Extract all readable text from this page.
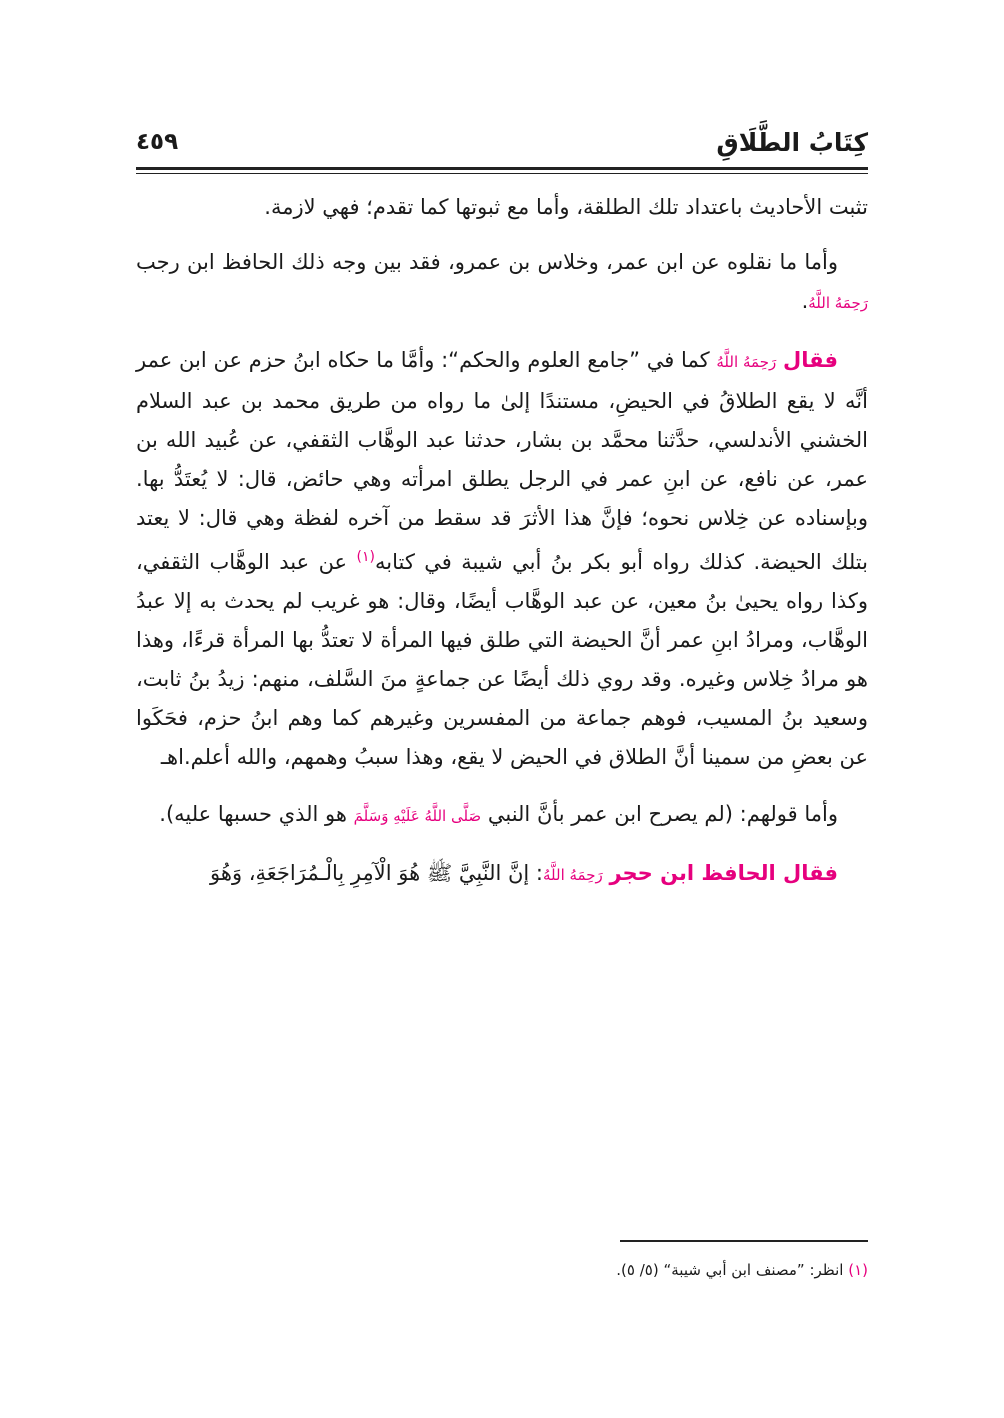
٤٥٩	كِتَابُ الطَّلَاقِ

تثبت الأحاديث باعتداد تلك الطلقة، وأما مع ثبوتها كما تقدم؛ فهي لازمة.

وأما ما نقلوه عن ابن عمر، وخلاس بن عمرو، فقد بين وجه ذلك الحافظ ابن رجب رَحِمَهُ اللَّهُ.

فقال رَحِمَهُ اللَّهُ كما في ”جامع العلوم والحكم“: وأمَّا ما حكاه ابنُ حزم عن ابن عمر أنَّه لا يقع الطلاقُ في الحيضِ، مستندًا إلىٰ ما رواه من طريق محمد بن عبد السلام الخشني الأندلسي، حدَّثنا محمَّد بن بشار، حدثنا عبد الوهَّاب الثقفي، عن عُبيد الله بن عمر، عن نافع، عن ابنِ عمر في الرجل يطلق امرأته وهي حائض، قال: لا يُعتَدُّ بها. وبإسناده عن خِلاس نحوه؛ فإنَّ هذا الأثرَ قد سقط من آخره لفظة وهي قال: لا يعتد بتلك الحيضة. كذلك رواه أبو بكر بنُ أبي شيبة في كتابه$^{(١)}$ عن عبد الوهَّاب الثقفي، وكذا رواه يحيىٰ بنُ معين، عن عبد الوهَّاب أيضًا، وقال: هو غريب لم يحدث به إلا عبدُ الوهَّاب، ومرادُ ابنِ عمر أنَّ الحيضة التي طلق فيها المرأة لا تعتدُّ بها المرأة قرءًا، وهذا هو مرادُ خِلاس وغيره. وقد روي ذلك أيضًا عن جماعةٍ منَ السَّلف، منهم: زيدُ بنُ ثابت، وسعيد بنُ المسيب، فوهم جماعة من المفسرين وغيرهم كما وهم ابنُ حزم، فحَكَوا عن بعضِ من سمينا أنَّ الطلاق في الحيض لا يقع، وهذا سببُ وهمهم، والله أعلم.اهـ

وأما قولهم: (لم يصرح ابن عمر بأنَّ النبي صَلَّى اللَّهُ عَلَيْهِ وَسَلَّمَ هو الذي حسبها عليه).

فقال الحافظ ابن حجر رَحِمَهُ اللَّهُ: إنَّ النَّبِيَّ ﷺ هُوَ الْآمِرِ بِالْـمُرَاجَعَةِ، وَهُوَ

(١) انظر: ”مصنف ابن أبي شيبة“ (٥/ ٥).
